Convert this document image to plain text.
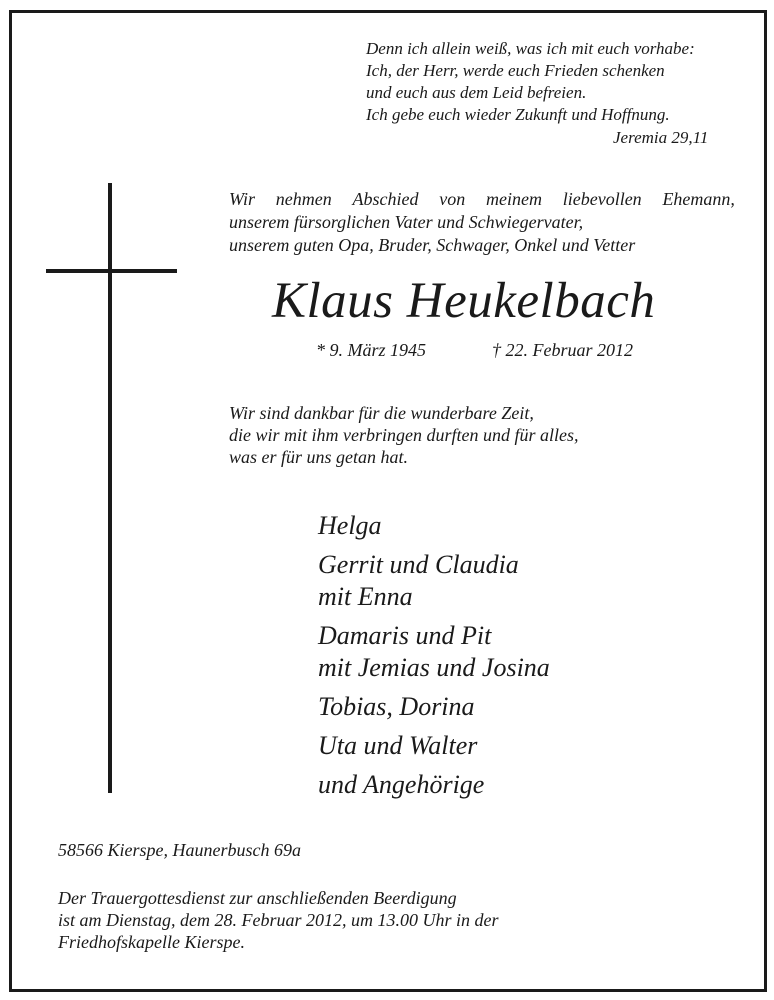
Denn ich allein weiß, was ich mit euch vorhabe:
Ich, der Herr, werde euch Frieden schenken
und euch aus dem Leid befreien.
Ich gebe euch wieder Zukunft und Hoffnung.
Jeremia 29,11
Wir nehmen Abschied von meinem liebevollen Ehemann,
unserem fürsorglichen Vater und Schwiegervater,
unserem guten Opa, Bruder, Schwager, Onkel und Vetter
Klaus Heukelbach
* 9. März 1945	† 22. Februar 2012
Wir sind dankbar für die wunderbare Zeit,
die wir mit ihm verbringen durften und für alles,
was er für uns getan hat.
Helga
Gerrit und Claudia
mit Enna
Damaris und Pit
mit Jemias und Josina
Tobias, Dorina
Uta und Walter
und Angehörige
58566 Kierspe, Haunerbusch 69a
Der Trauergottesdienst zur anschließenden Beerdigung
ist am Dienstag, dem 28. Februar 2012, um 13.00 Uhr in der
Friedhofskapelle Kierspe.
